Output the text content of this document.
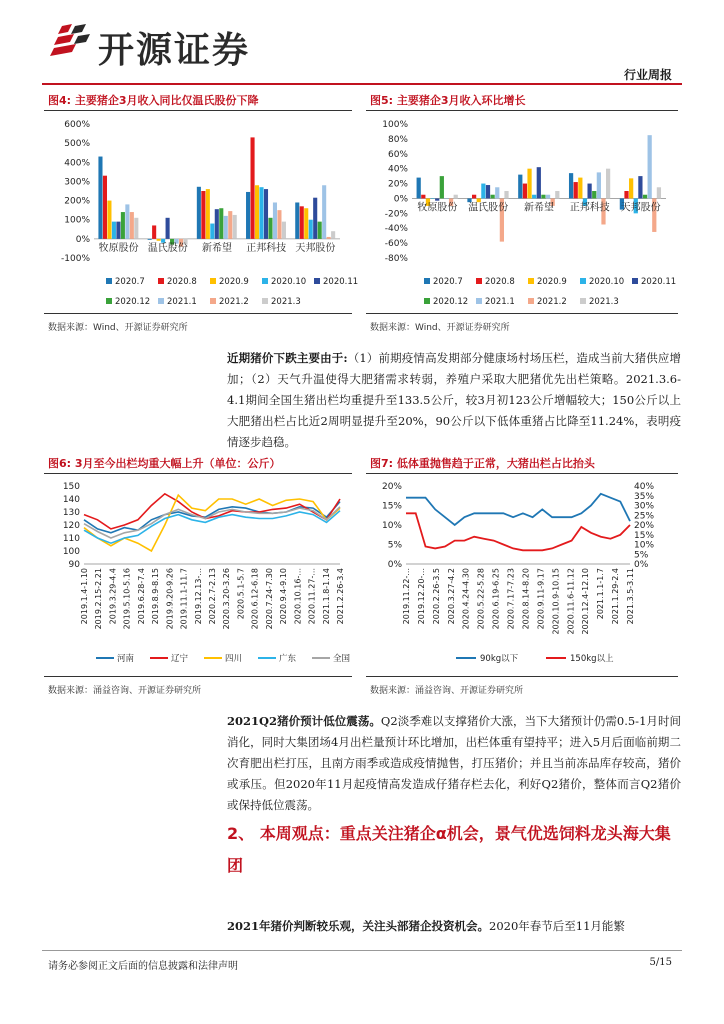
开源证券
行业周报
图4: 主要猪企3月收入同比仅温氏股份下降
600%
500%
400%
300%
200%
100%
0%
-100%
牧原股份 温氏股份 新希望 正邦科技 天邦股份
2020.7	2020.8	2020.9	2020.10 2020.11
2020.12 2021.1	2021.2	2021.3
数据来源：Wind、开源证券研究所
图5: 主要猪企3月收入环比增长
100%
80%
60%
40%
20%
0%
-20%
-40%
-60%
-80%
牧原股份 温氏股份 新希望 正邦科技 天邦股份
2020.7	2020.8	2020.9	2020.10 2020.11
2020.12 2021.1	2021.2	2021.3
数据来源：Wind、开源证券研究所
近期猪价下跌主要由于:（1）前期疫情高发期部分健康场村场压栏，造成当前大猪供应增加；（2）天气升温使得大肥猪需求转弱，养殖户采取大肥猪优先出栏策略。2021.3.6-4.1期间全国生猪出栏均重提升至133.5公斤，较3月初123公斤增幅较大；150公斤以上大肥猪出栏占比近2周明显提升至20%，90公斤以下低体重猪占比降至11.24%，表明疫情逐步趋稳。
图6: 3月至今出栏均重大幅上升（单位：公斤）
150
140
130
120
110
100
90
2019.1.4-1.10 2019.2.15-2.21 2019.3.29-4.4 2019.5.10-5.16 2019.6.28-7.4 2019.8.9-8.15 2019.9.20-9.26 2019.11.1-11.7 2019.12.13-... 2020.2.7-2.13 2020.3.20-3.26 2020.5.1-5.7 2020.6.12-6.18 2020.7.24-7.30 2020.9.4-9.10 2020.10.16-... 2020.11.27-... 2021.1.8-1.14 2021.2.26-3.4
河南	辽宁	四川	广东	全国
数据来源：涌益咨询、开源证券研究所
图7: 低体重抛售趋于正常，大猪出栏占比抬头
20%
15%
10%
5%
0%
40%
35%
30%
25%
20%
15%
10%
5%
0%
2019.11.22-... 2019.12.20-... 2020.2.26-3.5 2020.3.27-4.2 2020.4.24-4.30 2020.5.22-5.28 2020.6.19-6.25 2020.7.17-7.23 2020.8.14-8.20 2020.9.11-9.17 2020.10.9-10.15 2020.11.6-11.12 2020.12.4-12.10 2021.1.1-1.7 2021.1.29-2.4 2021.3.5-3.11
90kg以下	150kg以上
数据来源：涌益咨询、开源证券研究所
2021Q2猪价预计低位震荡。Q2淡季难以支撑猪价大涨，当下大猪预计仍需0.5-1月时间消化，同时大集团场4月出栏量预计环比增加，出栏体重有望持平；进入5月后面临前期二次育肥出栏打压，且南方雨季或造成疫情抛售，打压猪价；并且当前冻品库存较高，猪价或承压。但2020年11月起疫情高发造成仔猪存栏去化，利好Q2猪价，整体而言Q2猪价或保持低位震荡。
2、 本周观点：重点关注猪企α机会，景气优选饲料龙头海大集团
2021年猪价判断较乐观，关注头部猪企投资机会。2020年春节后至11月能繁
请务必参阅正文后面的信息披露和法律声明	5/15
